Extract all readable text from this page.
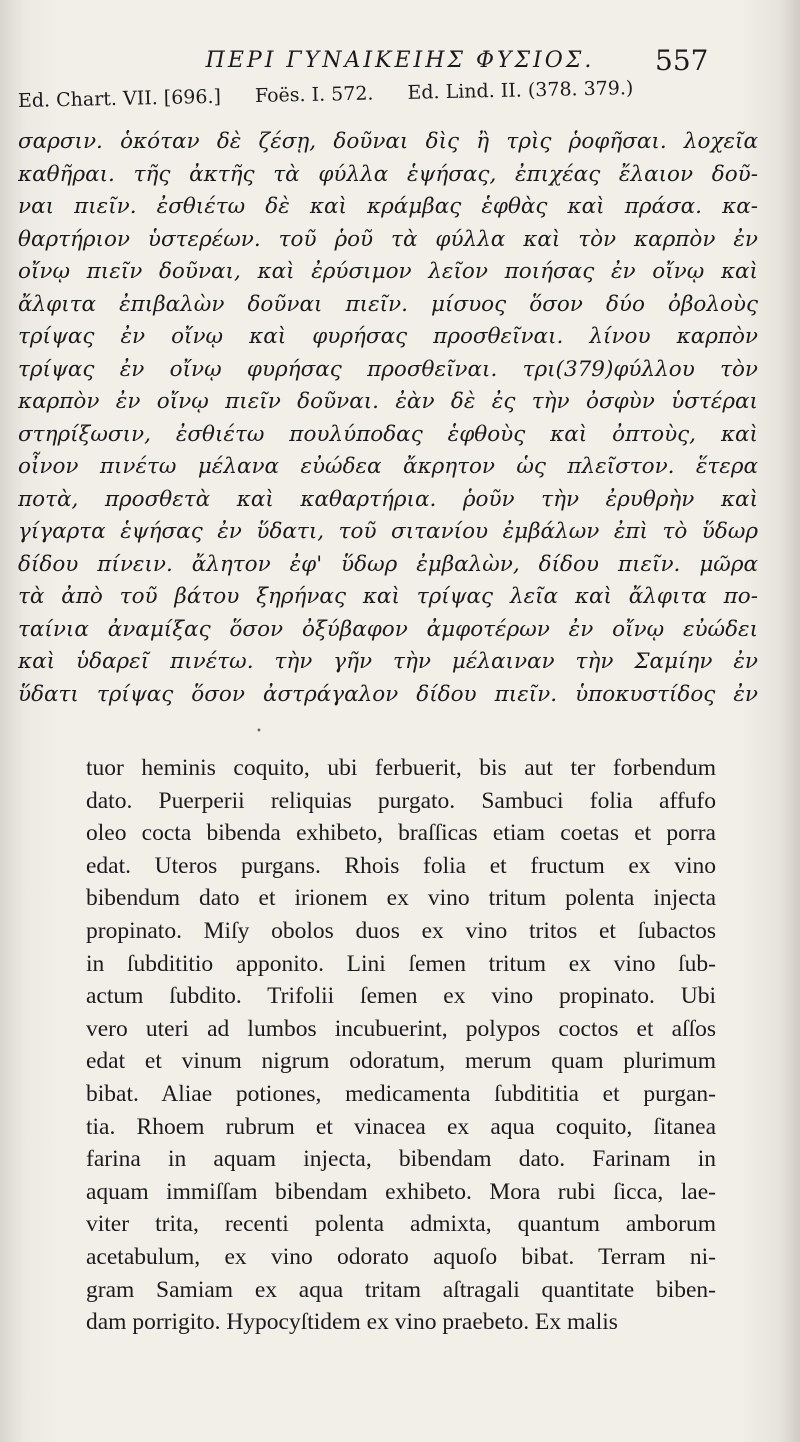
ΠΕΡΙ ΓΥΝΑΙΚΕΙΗΣ ΦΥΣΙΟΣ.	557
Ed. Chart. VII. [696.] Foës. I. 572. Ed. Lind. II. (378. 379.)
σαρσιν. ὁκόταν δὲ ζέσῃ, δοῦναι δὶς ἢ τρὶς ῥοφῆσαι. λοχεῖα
καθῆραι. τῆς ἀκτῆς τὰ φύλλα ἑψήσας, ἐπιχέας ἔλαιον δοῦ-
ναι πιεῖν. ἐσθιέτω δὲ καὶ κράμβας ἑφθὰς καὶ πράσα. κα-
θαρτήριον ὑστερέων. τοῦ ῥοῦ τὰ φύλλα καὶ τὸν καρπὸν ἐν
οἴνῳ πιεῖν δοῦναι, καὶ ἐρύσιμον λεῖον ποιήσας ἐν οἴνῳ καὶ
ἄλφιτα ἐπιβαλὼν δοῦναι πιεῖν. μίσυος ὅσον δύο ὀβολοὺς
τρίψας ἐν οἴνῳ καὶ φυρήσας προσθεῖναι. λίνου καρπὸν
τρίψας ἐν οἴνῳ φυρήσας προσθεῖναι. τρι(379)φύλλου τὸν
καρπὸν ἐν οἴνῳ πιεῖν δοῦναι. ἐὰν δὲ ἐς τὴν ὀσφὺν ὑστέραι
στηρίξωσιν, ἐσθιέτω πουλύποδας ἑφθοὺς καὶ ὀπτοὺς, καὶ
οἶνον πινέτω μέλανα εὐώδεα ἄκρητον ὡς πλεῖστον. ἕτερα
ποτὰ, προσθετὰ καὶ καθαρτήρια. ῥοῦν τὴν ἐρυθρὴν καὶ
γίγαρτα ἑψήσας ἐν ὕδατι, τοῦ σιτανίου ἐμβάλων ἐπὶ τὸ ὕδωρ
δίδου πίνειν. ἄλητον ἐφ' ὕδωρ ἐμβαλὼν, δίδου πιεῖν. μῶρα
τὰ ἀπὸ τοῦ βάτου ξηρήνας καὶ τρίψας λεῖα καὶ ἄλφιτα πο-
ταίνια ἀναμίξας ὅσον ὀξύβαφον ἀμφοτέρων ἐν οἴνῳ εὐώδει
καὶ ὑδαρεῖ πινέτω. τὴν γῆν τὴν μέλαιναν τὴν Σαμίην ἐν
ὕδατι τρίψας ὅσον ἀστράγαλον δίδου πιεῖν. ὑποκυστίδος ἐν
•
tuor heminis coquito, ubi ferbuerit, bis aut ter forbendum
dato. Puerperii reliquias purgato. Sambuci folia affufo
oleo cocta bibenda exhibeto, braſſicas etiam coetas et porra
edat. Uteros purgans. Rhois folia et fructum ex vino
bibendum dato et irionem ex vino tritum polenta injecta
propinato. Miſy obolos duos ex vino tritos et ſubactos
in ſubdititio apponito. Lini ſemen tritum ex vino ſub-
actum ſubdito. Trifolii ſemen ex vino propinato. Ubi
vero uteri ad lumbos incubuerint, polypos coctos et aſſos
edat et vinum nigrum odoratum, merum quam plurimum
bibat. Aliae potiones, medicamenta ſubdititia et purgan-
tia. Rhoem rubrum et vinacea ex aqua coquito, ſitanea
farina in aquam injecta, bibendam dato. Farinam in
aquam immiſſam bibendam exhibeto. Mora rubi ſicca, lae-
viter trita, recenti polenta admixta, quantum amborum
acetabulum, ex vino odorato aquoſo bibat. Terram ni-
gram Samiam ex aqua tritam aſtragali quantitate biben-
dam porrigito. Hypocyſtidem ex vino praebeto. Ex malis
